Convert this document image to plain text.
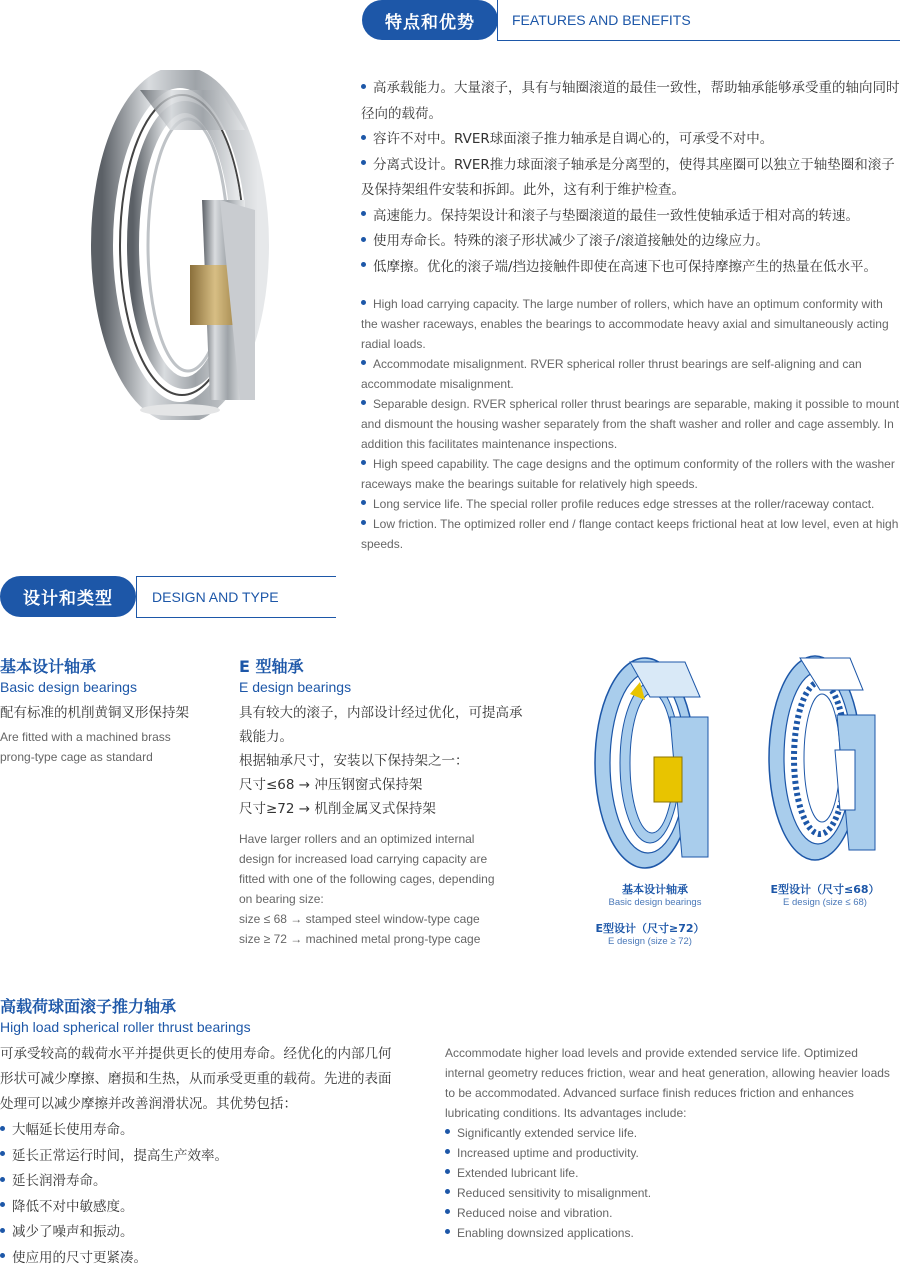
特点和优势	FEATURES AND BENEFITS
高承载能力。大量滚子，具有与轴圈滚道的最佳一致性，帮助轴承能够承受重的轴向同时径向的载荷。
容许不对中。RVER球面滚子推力轴承是自调心的，可承受不对中。
分离式设计。RVER推力球面滚子轴承是分离型的，使得其座圈可以独立于轴垫圈和滚子及保持架组件安装和拆卸。此外，这有利于维护检查。
高速能力。保持架设计和滚子与垫圈滚道的最佳一致性使轴承适于相对高的转速。
使用寿命长。特殊的滚子形状减少了滚子/滚道接触处的边缘应力。
低摩擦。优化的滚子端/挡边接触件即使在高速下也可保持摩擦产生的热量在低水平。
High load carrying capacity. The large number of rollers, which have an optimum conformity with the washer raceways, enables the bearings to accommodate heavy axial and simultaneously acting radial loads.
Accommodate misalignment. RVER spherical roller thrust bearings are self-aligning and can accommodate misalignment.
Separable design. RVER spherical roller thrust bearings are separable, making it possible to mount and dismount the housing washer separately from the shaft washer and roller and cage assembly. In addition this facilitates maintenance inspections.
High speed capability. The cage designs and the optimum conformity of the rollers with the washer raceways make the bearings suitable for relatively high speeds.
Long service life. The special roller profile reduces edge stresses at the roller/raceway contact.
Low friction. The optimized roller end / flange contact keeps frictional heat at low level, even at high speeds.
设计和类型	DESIGN AND TYPE
基本设计轴承
Basic design bearings
配有标准的机削黄铜叉形保持架
Are fitted with a machined brass prong-type cage as standard
E 型轴承
E design bearings
具有较大的滚子，内部设计经过优化，可提高承载能力。
根据轴承尺寸，安装以下保持架之一：
尺寸≤68 → 冲压钢窗式保持架
尺寸≥72 → 机削金属叉式保持架
Have larger rollers and an optimized internal design for increased load carrying capacity are fitted with one of the following cages, depending on bearing size:
size ≤ 68 → stamped steel window-type cage
size ≥ 72 → machined metal prong-type cage
基本设计轴承
Basic design bearings
E型设计（尺寸≤68）
E design (size ≤ 68)
E型设计（尺寸≥72）
E design (size ≥ 72)
高载荷球面滚子推力轴承
High load spherical roller thrust bearings
可承受较高的载荷水平并提供更长的使用寿命。经优化的内部几何形状可减少摩擦、磨损和生热，从而承受更重的载荷。先进的表面处理可以减少摩擦并改善润滑状况。其优势包括：
大幅延长使用寿命。
延长正常运行时间，提高生产效率。
延长润滑寿命。
降低不对中敏感度。
减少了噪声和振动。
使应用的尺寸更紧凑。
Accommodate higher load levels and provide extended service life. Optimized internal geometry reduces friction, wear and heat generation, allowing heavier loads to be accommodated. Advanced surface finish reduces friction and enhances lubricating conditions. Its advantages include:
Significantly extended service life.
Increased uptime and productivity.
Extended lubricant life.
Reduced sensitivity to misalignment.
Reduced noise and vibration.
Enabling downsized applications.
